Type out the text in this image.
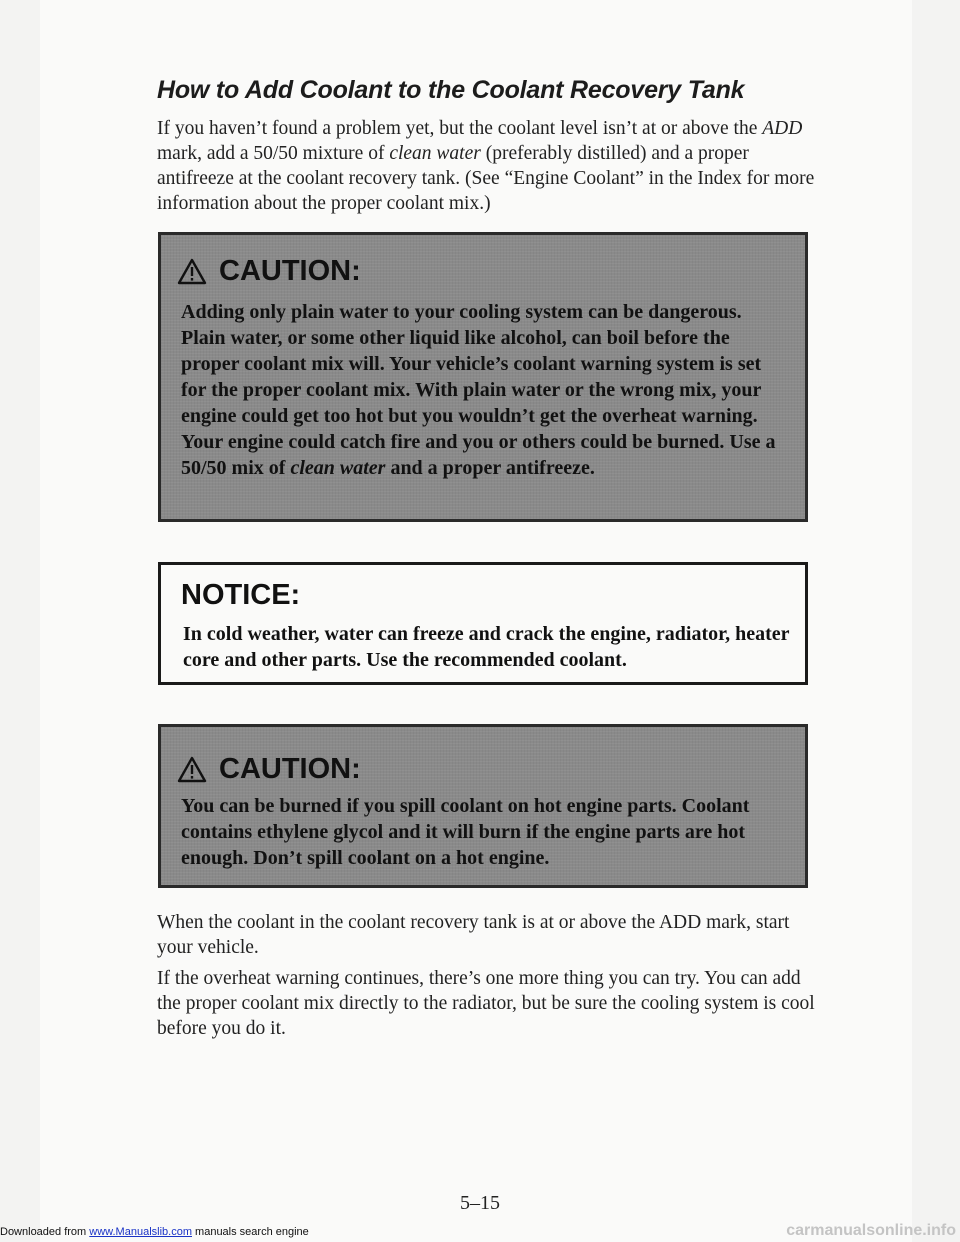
How to Add Coolant to the Coolant Recovery Tank
If you haven’t found a problem yet, but the coolant level isn’t at or above the ADD mark, add a 50/50 mixture of clean water (preferably distilled) and a proper antifreeze at the coolant recovery tank. (See “Engine Coolant” in the Index for more information about the proper coolant mix.)
CAUTION:
Adding only plain water to your cooling system can be dangerous. Plain water, or some other liquid like alcohol, can boil before the proper coolant mix will. Your vehicle’s coolant warning system is set for the proper coolant mix. With plain water or the wrong mix, your engine could get too hot but you wouldn’t get the overheat warning. Your engine could catch fire and you or others could be burned. Use a 50/50 mix of clean water and a proper antifreeze.
NOTICE:
In cold weather, water can freeze and crack the engine, radiator, heater core and other parts. Use the recommended coolant.
CAUTION:
You can be burned if you spill coolant on hot engine parts. Coolant contains ethylene glycol and it will burn if the engine parts are hot enough. Don’t spill coolant on a hot engine.
When the coolant in the coolant recovery tank is at or above the ADD mark, start your vehicle.
If the overheat warning continues, there’s one more thing you can try. You can add the proper coolant mix directly to the radiator, but be sure the cooling system is cool before you do it.
5–15
Downloaded from www.Manualslib.com manuals search engine	carmanualsonline.info
